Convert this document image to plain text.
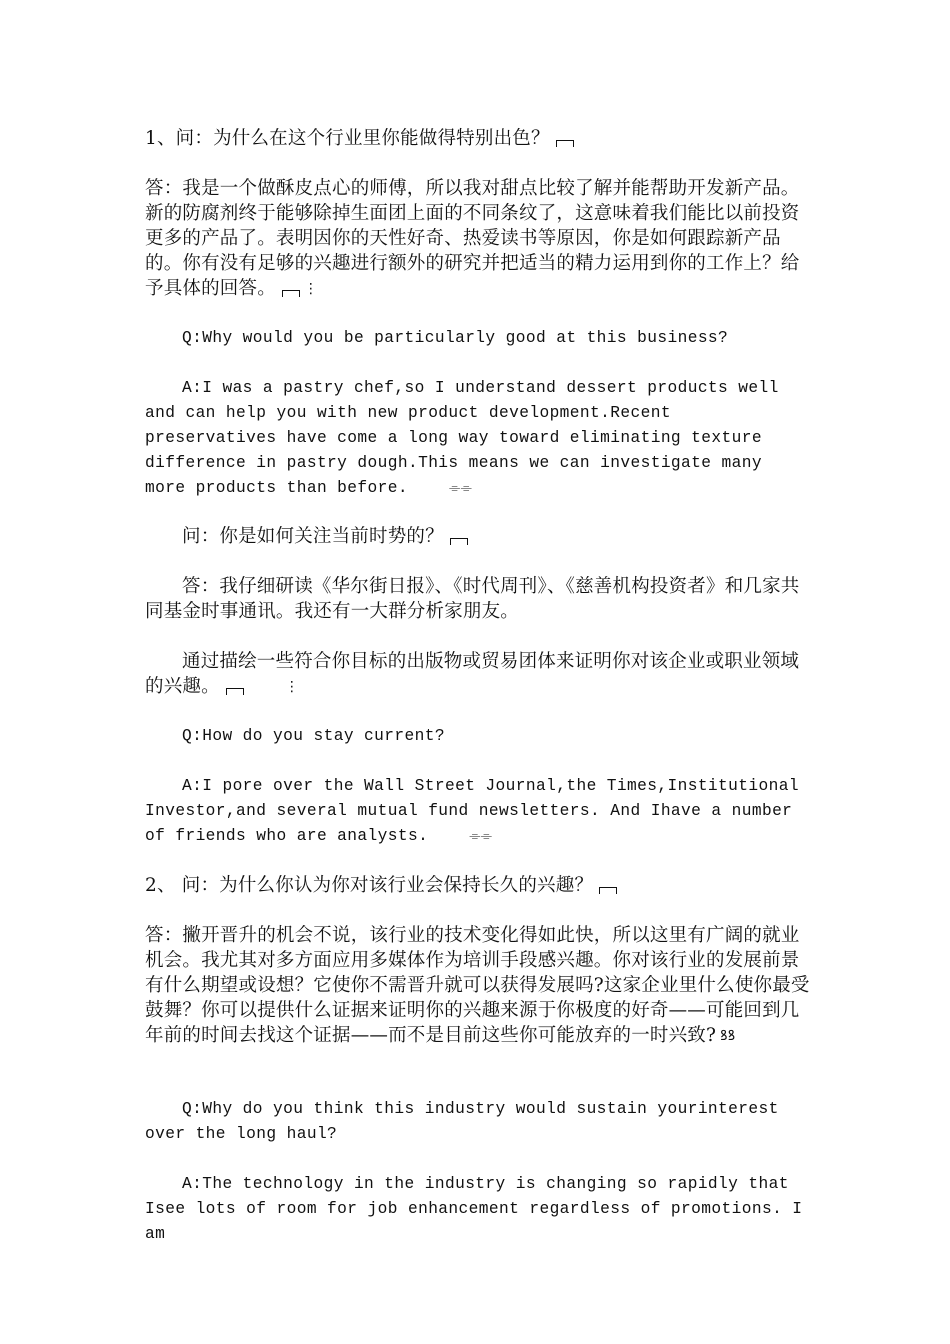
1、问：为什么在这个行业里你能做得特别出色？

答：我是一个做酥皮点心的师傅，所以我对甜点比较了解并能帮助开发新产品。新的防腐剂终于能够除掉生面团上面的不同条纹了，这意味着我们能比以前投资更多的产品了。表明因你的天性好奇、热爱读书等原因，你是如何跟踪新产品的。你有没有足够的兴趣进行额外的研究并把适当的精力运用到你的工作上？给予具体的回答。 ⋮

Q:Why would you be particularly good at this business?

A:I was a pastry chef,so I understand dessert products well and can help you with new product development.Recent preservatives have come a long way toward eliminating texture difference in pastry dough.This means we can investigate many more products than before.	⌯⌯

问：你是如何关注当前时势的？

答：我仔细研读《华尔街日报》、《时代周刊》、《慈善机构投资者》和几家共同基金时事通讯。我还有一大群分析家朋友。

通过描绘一些符合你目标的出版物或贸易团体来证明你对该企业或职业领域的兴趣。	⋮

Q:How do you stay current?

A:I pore over the Wall Street Journal,the Times,Institutional Investor,and several mutual fund newsletters. And Ihave a number of friends who are analysts.	⌯⌯

2、 问：为什么你认为你对该行业会保持长久的兴趣？

答：撇开晋升的机会不说，该行业的技术变化得如此快，所以这里有广阔的就业机会。我尤其对多方面应用多媒体作为培训手段感兴趣。你对该行业的发展前景有什么期望或设想？它使你不需晋升就可以获得发展吗?这家企业里什么使你最受鼓舞？你可以提供什么证据来证明你的兴趣来源于你极度的好奇——可能回到几年前的时间去找这个证据——而不是目前这些你可能放弃的一时兴致? ꝸꝸ

Q:Why do you think this industry would sustain yourinterest over the long haul?

A:The technology in the industry is changing so rapidly that Isee lots of room for job enhancement regardless of promotions. I am
